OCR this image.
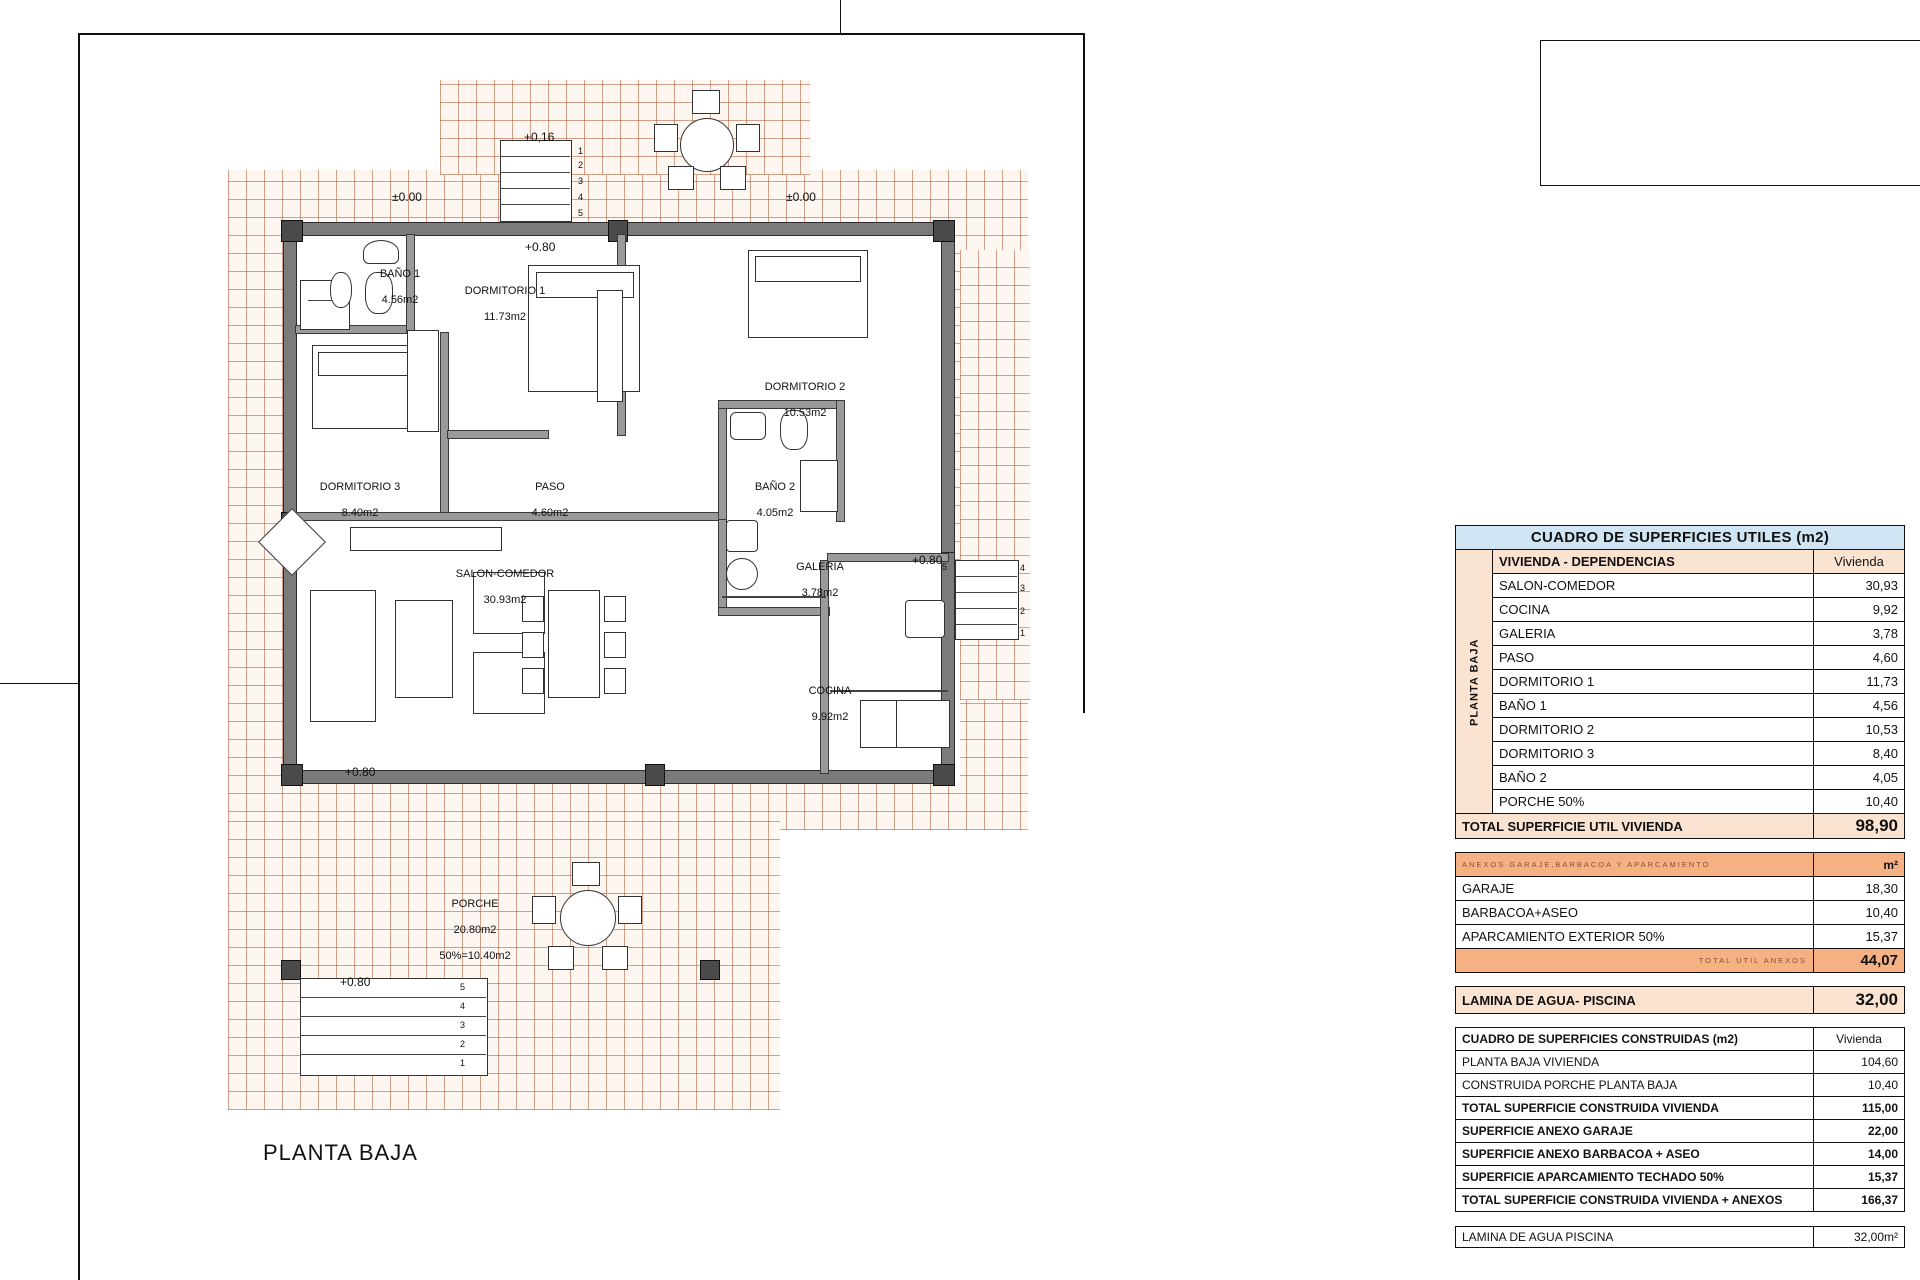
1
2
3
4
5
5	4
3
2
1
5
4
3
2
1
+0,16
±0.00	±0.00
+0.80
+0.80
+0.80
+0.80

BAÑO 1

4.56m2

DORMITORIO 1

11.73m2

DORMITORIO 2

10.53m2

DORMITORIO 3

8.40m2

PASO

4.60m2

BAÑO 2

4.05m2

SALON-COMEDOR

30.93m2

GALERIA

3.78m2

COCINA

9.92m2

PORCHE

20.80m2

50%=10.40m2

PLANTA BAJA
CUADRO DE SUPERFICIES UTILES (m2)		
PLANTA BAJA	VIVIENDA - DEPENDENCIAS	Vivienda
	SALON-COMEDOR	30,93
	COCINA	9,92
	GALERIA	3,78
	PASO	4,60
	DORMITORIO 1	11,73
	BAÑO 1	4,56
	DORMITORIO 2	10,53
	DORMITORIO 3	8,40
	BAÑO 2	4,05
	PORCHE 50%	10,40
TOTAL SUPERFICIE UTIL VIVIENDA		98,90
ANEXOS GARAJE,BARBACOA Y APARCAMIENTO	m²
GARAJE	18,30
BARBACOA+ASEO	10,40
APARCAMIENTO EXTERIOR 50%	15,37
TOTAL UTIL ANEXOS	44,07
LAMINA DE AGUA- PISCINA	32,00
CUADRO DE SUPERFICIES CONSTRUIDAS (m2)	Vivienda
PLANTA BAJA VIVIENDA	104,60
CONSTRUIDA PORCHE PLANTA BAJA	10,40
TOTAL SUPERFICIE CONSTRUIDA VIVIENDA	115,00
SUPERFICIE ANEXO GARAJE	22,00
SUPERFICIE ANEXO BARBACOA + ASEO	14,00
SUPERFICIE APARCAMIENTO TECHADO 50%	15,37
TOTAL SUPERFICIE CONSTRUIDA VIVIENDA + ANEXOS	166,37
LAMINA DE AGUA PISCINA	32,00m²
